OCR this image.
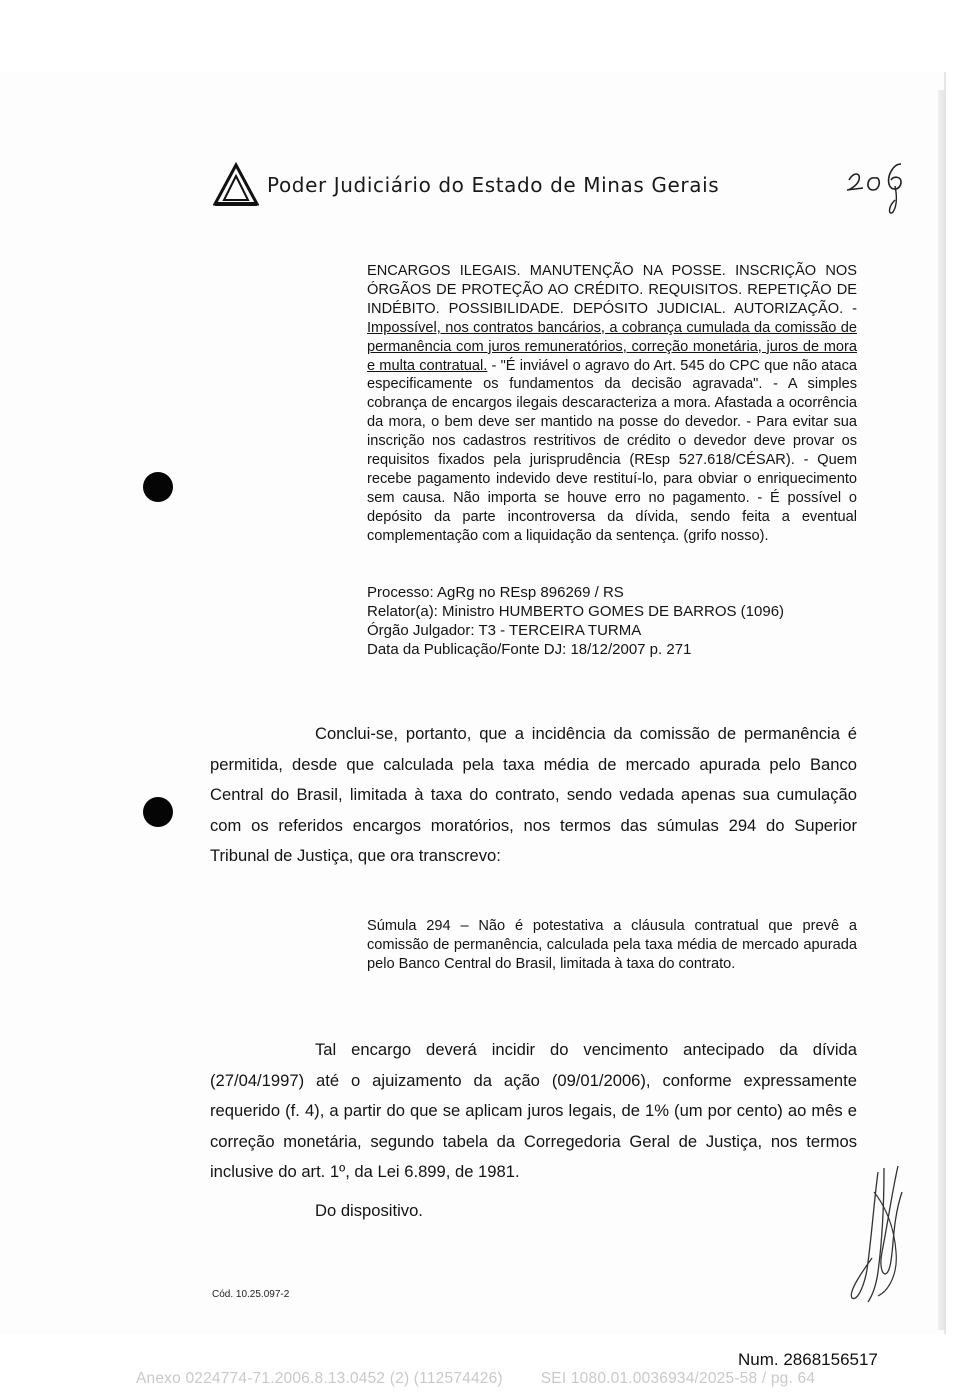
Poder Judiciário do Estado de Minas Gerais
ENCARGOS ILEGAIS. MANUTENÇÃO NA POSSE. INSCRIÇÃO NOS ÓRGÃOS DE PROTEÇÃO AO CRÉDITO. REQUISITOS. REPETIÇÃO DE INDÉBITO. POSSIBILIDADE. DEPÓSITO JUDICIAL. AUTORIZAÇÃO. - Impossível, nos contratos bancários, a cobrança cumulada da comissão de permanência com juros remuneratórios, correção monetária, juros de mora e multa contratual. - "É inviável o agravo do Art. 545 do CPC que não ataca especificamente os fundamentos da decisão agravada". - A simples cobrança de encargos ilegais descaracteriza a mora. Afastada a ocorrência da mora, o bem deve ser mantido na posse do devedor. - Para evitar sua inscrição nos cadastros restritivos de crédito o devedor deve provar os requisitos fixados pela jurisprudência (REsp 527.618/CÉSAR). - Quem recebe pagamento indevido deve restituí-lo, para obviar o enriquecimento sem causa. Não importa se houve erro no pagamento. - É possível o depósito da parte incontroversa da dívida, sendo feita a eventual complementação com a liquidação da sentença. (grifo nosso).
Processo: AgRg no REsp 896269 / RS
Relator(a): Ministro HUMBERTO GOMES DE BARROS (1096)
Órgão Julgador: T3 - TERCEIRA TURMA
Data da Publicação/Fonte DJ: 18/12/2007 p. 271
Conclui-se, portanto, que a incidência da comissão de permanência é permitida, desde que calculada pela taxa média de mercado apurada pelo Banco Central do Brasil, limitada à taxa do contrato, sendo vedada apenas sua cumulação com os referidos encargos moratórios, nos termos das súmulas 294 do Superior Tribunal de Justiça, que ora transcrevo:
Súmula 294 – Não é potestativa a cláusula contratual que prevê a comissão de permanência, calculada pela taxa média de mercado apurada pelo Banco Central do Brasil, limitada à taxa do contrato.
Tal encargo deverá incidir do vencimento antecipado da dívida (27/04/1997) até o ajuizamento da ação (09/01/2006), conforme expressamente requerido (f. 4), a partir do que se aplicam juros legais, de 1% (um por cento) ao mês e correção monetária, segundo tabela da Corregedoria Geral de Justiça, nos termos inclusive do art. 1º, da Lei 6.899, de 1981.
Do dispositivo.
Cód. 10.25.097-2
Num. 2868156517
Anexo 0224774-71.2006.8.13.0452 (2) (112574426) SEI 1080.01.0036934/2025-58 / pg. 64
